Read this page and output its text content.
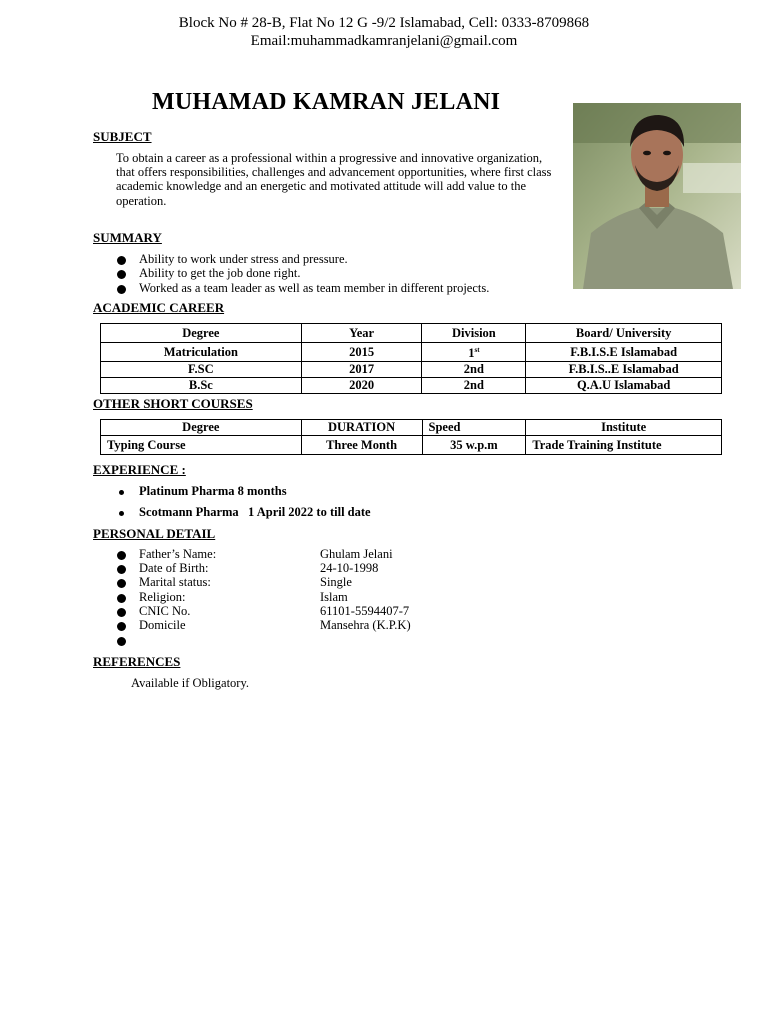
Block No # 28-B, Flat No 12 G -9/2 Islamabad, Cell: 0333-8709868
Email:muhammadkamranjelani@gmail.com
MUHAMAD KAMRAN JELANI
SUBJECT
To obtain a career as a professional within a progressive and innovative organization, that offers responsibilities, challenges and advancement opportunities, where first class academic knowledge and an energetic and motivated attitude will add value to the operation.
SUMMARY
Ability to work under stress and pressure.
Ability to get the job done right.
Worked as a team leader as well as team member in different projects.
ACADEMIC CAREER
Degree	Year	Division	Board/ University
Matriculation	2015	1st	F.B.I.S.E Islamabad
F.SC	2017	2nd	F.B.I.S..E Islamabad
B.Sc	2020	2nd	Q.A.U Islamabad
OTHER SHORT COURSES
Degree	DURATION	Speed	Institute
Typing Course	Three Month	35 w.p.m	Trade Training Institute
EXPERIENCE :
Platinum Pharma 8 months
Scotmann Pharma   1 April 2022 to till date
PERSONAL DETAIL
Father’s Name:	Ghulam Jelani
Date of Birth:	24-10-1998
Marital status:	Single
Religion:	Islam
CNIC No.	61101-5594407-7
Domicile	Mansehra (K.P.K)
REFERENCES
Available if Obligatory.
